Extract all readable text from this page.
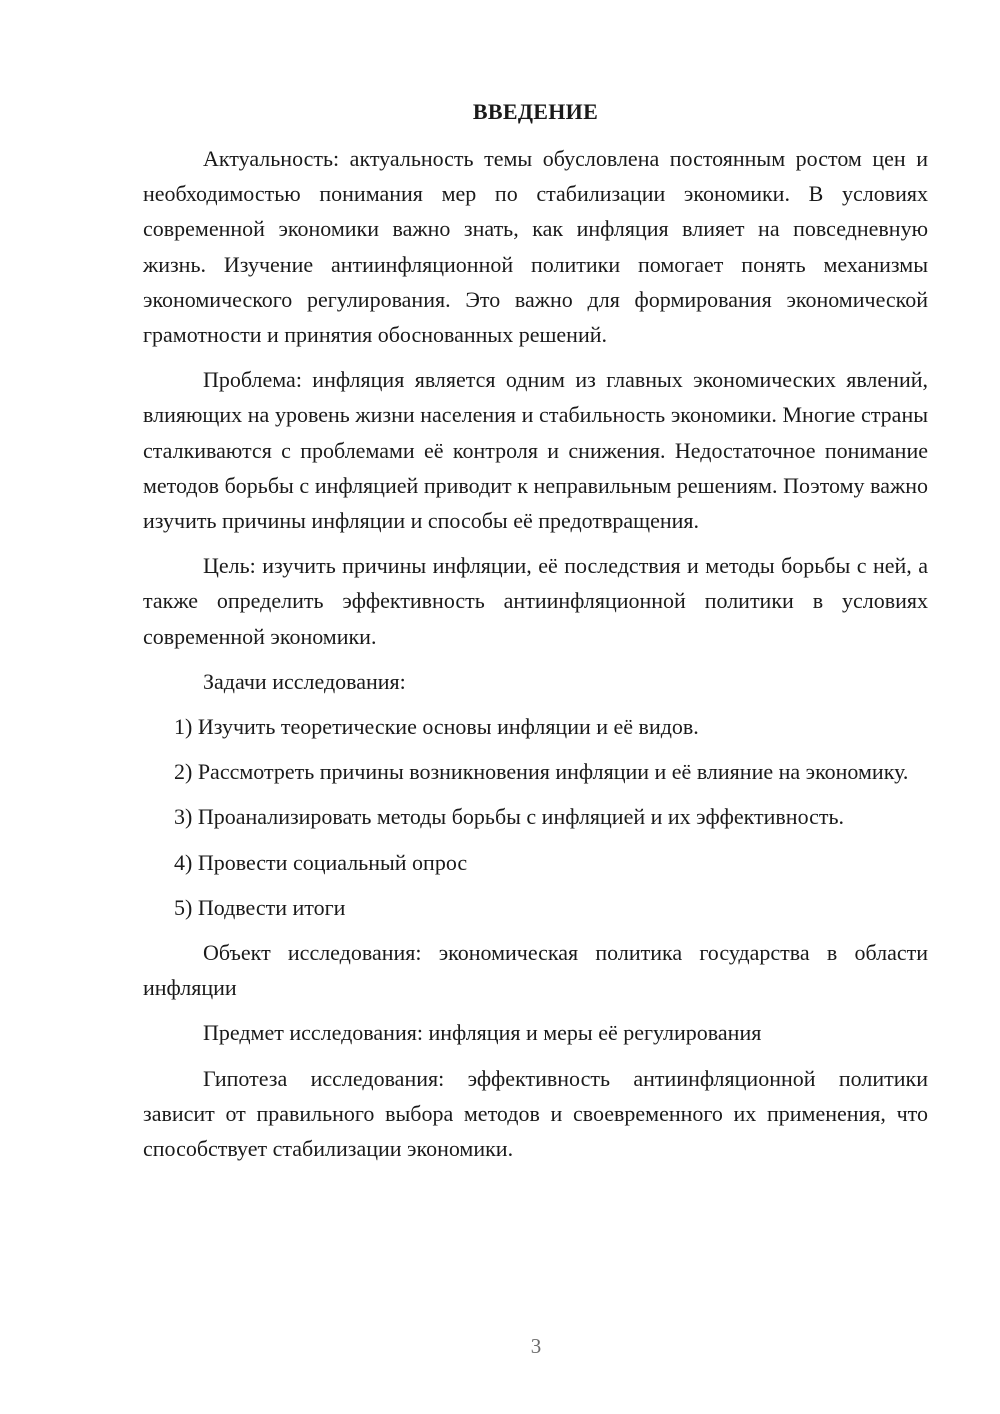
ВВЕДЕНИЕ

Актуальность: актуальность темы обусловлена постоянным ростом цен и необходимостью понимания мер по стабилизации экономики. В условиях современной экономики важно знать, как инфляция влияет на повседневную жизнь. Изучение антиинфляционной политики помогает понять механизмы экономического регулирования. Это важно для формирования экономической грамотности и принятия обоснованных решений.

Проблема: инфляция является одним из главных экономических явлений, влияющих на уровень жизни населения и стабильность экономики. Многие страны сталкиваются с проблемами её контроля и снижения. Недостаточное понимание методов борьбы с инфляцией приводит к неправильным решениям. Поэтому важно изучить причины инфляции и способы её предотвращения.

Цель: изучить причины инфляции, её последствия и методы борьбы с ней, а также определить эффективность антиинфляционной политики в условиях современной экономики.

Задачи исследования:

1) Изучить теоретические основы инфляции и её видов.

2) Рассмотреть причины возникновения инфляции и её влияние на экономику.

3) Проанализировать методы борьбы с инфляцией и их эффективность.

4) Провести социальный опрос

5) Подвести итоги

Объект исследования: экономическая политика государства в области инфляции

Предмет исследования: инфляция и меры её регулирования

Гипотеза исследования: эффективность антиинфляционной политики зависит от правильного выбора методов и своевременного их применения, что способствует стабилизации экономики.

3
